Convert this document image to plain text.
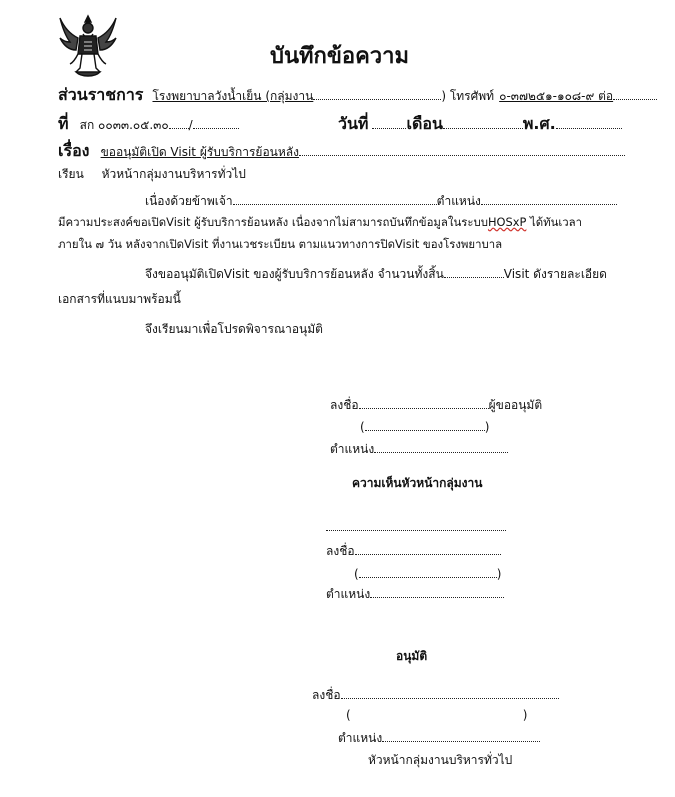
บันทึกข้อความ
ส่วนราชการ โรงพยาบาลวังน้ำเย็น (กลุ่มงาน	) โทรศัพท์ ๐-๓๗๒๕๑-๑๐๘-๙ ต่อ
ที่ สก ๐๐๓๓.๐๕.๓๐ /	วันที่ เดือน	พ.ศ.
เรื่อง ขออนุมัติเปิด Visit ผู้รับบริการย้อนหลัง
เรียน หัวหน้ากลุ่มงานบริหารทั่วไป
เนื่องด้วยข้าพเจ้า	ตำแหน่ง
มีความประสงค์ขอเปิดVisit ผู้รับบริการย้อนหลัง เนื่องจากไม่สามารถบันทึกข้อมูลในระบบHOSxP ได้ทันเวลา
ภายใน ๗ วัน หลังจากเปิดVisit ที่งานเวชระเบียน ตามแนวทางการปิดVisit ของโรงพยาบาล
จึงขออนุมัติเปิดVisit ของผู้รับบริการย้อนหลัง จำนวนทั้งสิ้น	Visit ดังรายละเอียด
เอกสารที่แนบมาพร้อมนี้
จึงเรียนมาเพื่อโปรดพิจารณาอนุมัติ
ลงชื่อ	ผู้ขออนุมัติ
(	)
ตำแหน่ง
ความเห็นหัวหน้ากลุ่มงาน
ลงชื่อ
(	)
ตำแหน่ง
อนุมัติ
ลงชื่อ
(	)
ตำแหน่ง
หัวหน้ากลุ่มงานบริหารทั่วไป
